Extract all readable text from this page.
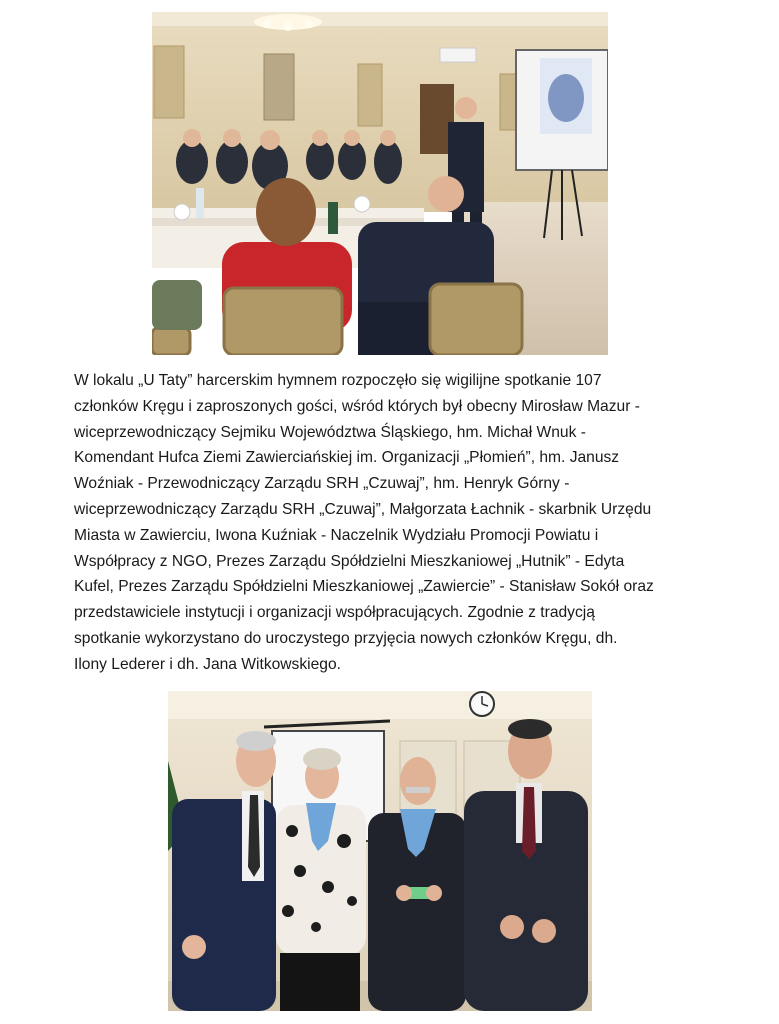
W lokalu „U Taty” harcerskim hymnem rozpoczęło się wigilijne spotkanie 107
członków Kręgu i zaproszonych gości, wśród których był obecny Mirosław Mazur -
wiceprzewodniczący Sejmiku Województwa Śląskiego, hm. Michał Wnuk -
Komendant Hufca Ziemi Zawierciańskiej im. Organizacji „Płomień”, hm. Janusz
Woźniak - Przewodniczący Zarządu SRH „Czuwaj”, hm. Henryk Górny -
wiceprzewodniczący Zarządu SRH „Czuwaj”, Małgorzata Łachnik - skarbnik Urzędu
Miasta w Zawierciu, Iwona Kuźniak - Naczelnik Wydziału Promocji Powiatu i
Współpracy z NGO, Prezes Zarządu Spółdzielni Mieszkaniowej „Hutnik” - Edyta
Kufel, Prezes Zarządu Spółdzielni Mieszkaniowej „Zawiercie” - Stanisław Sokół oraz
przedstawiciele instytucji i organizacji współpracujących. Zgodnie z tradycją
spotkanie wykorzystano do uroczystego przyjęcia nowych członków Kręgu, dh.
Ilony Lederer i dh. Jana Witkowskiego.
